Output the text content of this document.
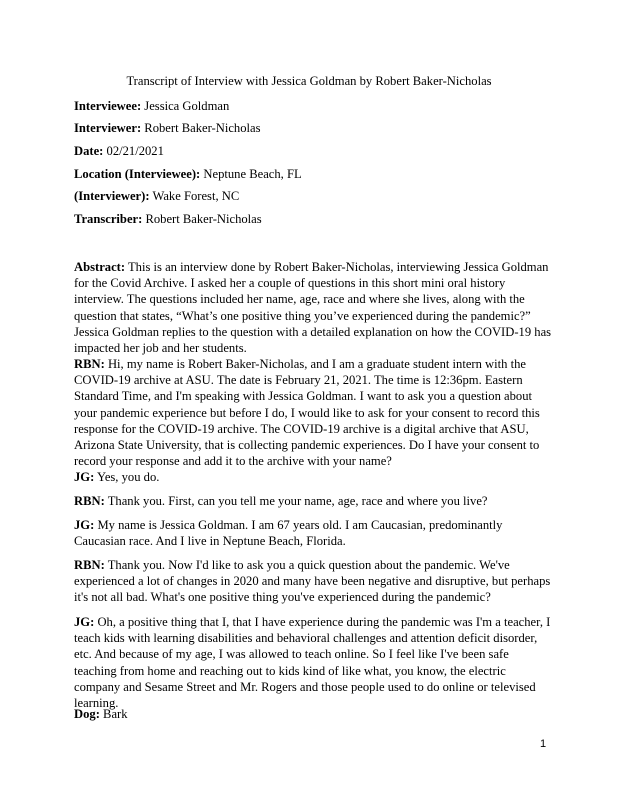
Transcript of Interview with Jessica Goldman by Robert Baker-Nicholas
Interviewee: Jessica Goldman
Interviewer: Robert Baker-Nicholas
Date: 02/21/2021
Location (Interviewee): Neptune Beach, FL
(Interviewer): Wake Forest, NC
Transcriber: Robert Baker-Nicholas
Abstract: This is an interview done by Robert Baker-Nicholas, interviewing Jessica Goldman for the Covid Archive. I asked her a couple of questions in this short mini oral history interview. The questions included her name, age, race and where she lives, along with the question that states, “What’s one positive thing you’ve experienced during the pandemic?” Jessica Goldman replies to the question with a detailed explanation on how the COVID-19 has impacted her job and her students.
RBN: Hi, my name is Robert Baker-Nicholas, and I am a graduate student intern with the COVID-19 archive at ASU. The date is February 21, 2021. The time is 12:36pm. Eastern Standard Time, and I'm speaking with Jessica Goldman. I want to ask you a question about your pandemic experience but before I do, I would like to ask for your consent to record this response for the COVID-19 archive. The COVID-19 archive is a digital archive that ASU, Arizona State University, that is collecting pandemic experiences. Do I have your consent to record your response and add it to the archive with your name?
JG: Yes, you do.
RBN: Thank you. First, can you tell me your name, age, race and where you live?
JG: My name is Jessica Goldman. I am 67 years old. I am Caucasian, predominantly Caucasian race. And I live in Neptune Beach, Florida.
RBN: Thank you. Now I'd like to ask you a quick question about the pandemic. We've experienced a lot of changes in 2020 and many have been negative and disruptive, but perhaps it's not all bad. What's one positive thing you've experienced during the pandemic?
JG: Oh, a positive thing that I, that I have experience during the pandemic was I'm a teacher, I teach kids with learning disabilities and behavioral challenges and attention deficit disorder, etc. And because of my age, I was allowed to teach online. So I feel like I've been safe teaching from home and reaching out to kids kind of like what, you know, the electric company and Sesame Street and Mr. Rogers and those people used to do online or televised learning.
Dog: Bark
1
